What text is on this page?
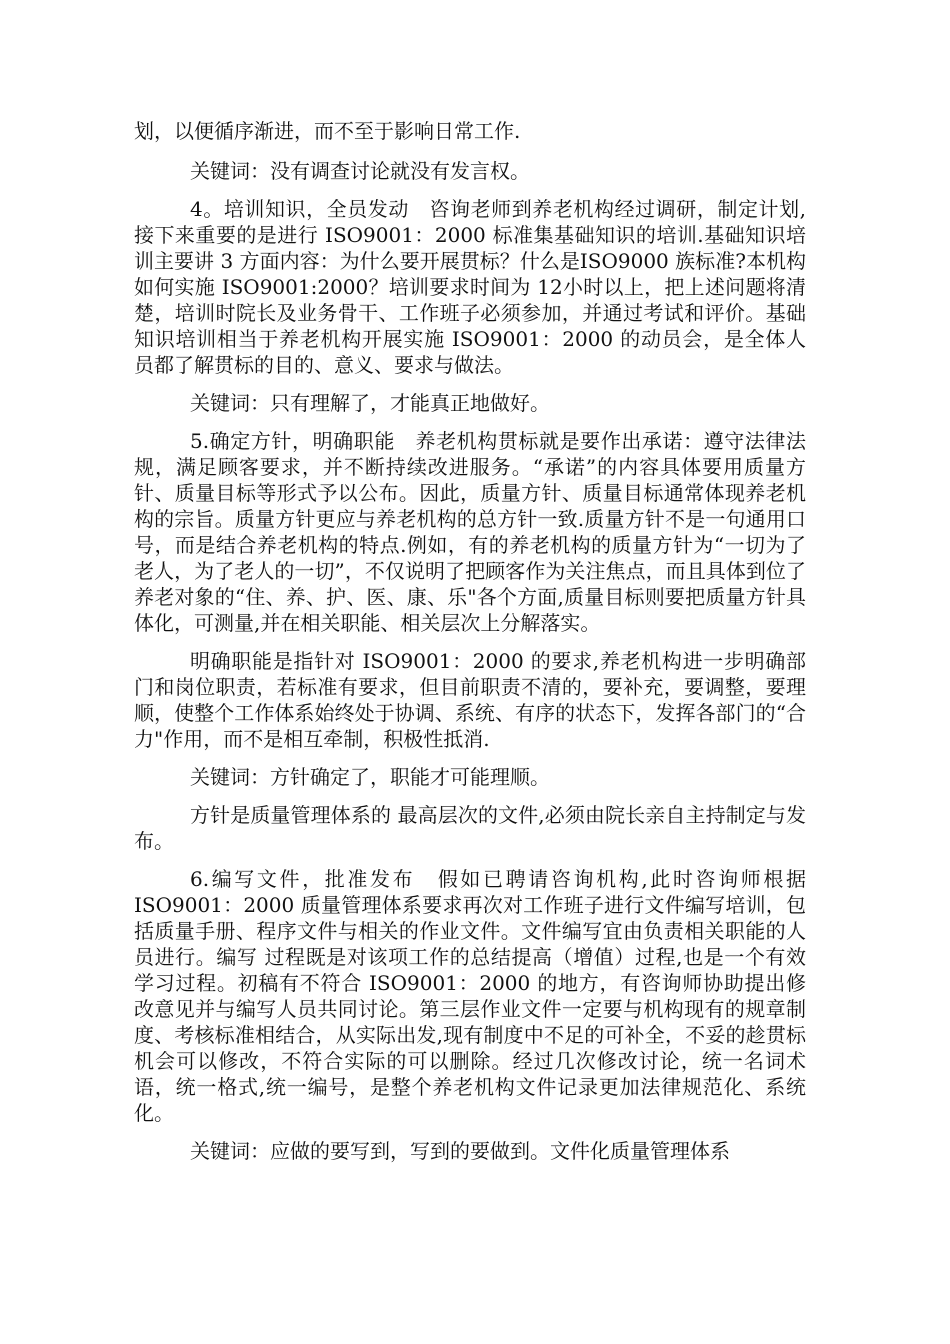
划，以便循序渐进，而不至于影响日常工作.

关键词：没有调查讨论就没有发言权。

4。培训知识，全员发动　咨询老师到养老机构经过调研，制定计划,接下来重要的是进行 ISO9001：2000 标准集基础知识的培训.基础知识培训主要讲 3 方面内容：为什么要开展贯标？什么是ISO9000 族标准?本机构如何实施 ISO9001:2000？培训要求时间为 12小时以上，把上述问题将清楚，培训时院长及业务骨干、工作班子必须参加，并通过考试和评价。基础知识培训相当于养老机构开展实施 ISO9001：2000 的动员会，是全体人员都了解贯标的目的、意义、要求与做法。

关键词：只有理解了，才能真正地做好。

5.确定方针，明确职能　养老机构贯标就是要作出承诺：遵守法律法规，满足顾客要求，并不断持续改进服务。“承诺”的内容具体要用质量方针、质量目标等形式予以公布。因此，质量方针、质量目标通常体现养老机构的宗旨。质量方针更应与养老机构的总方针一致.质量方针不是一句通用口号，而是结合养老机构的特点.例如，有的养老机构的质量方针为“一切为了老人，为了老人的一切”，不仅说明了把顾客作为关注焦点，而且具体到位了养老对象的“住、养、护、医、康、乐"各个方面,质量目标则要把质量方针具体化，可测量,并在相关职能、相关层次上分解落实。

明确职能是指针对 ISO9001：2000 的要求,养老机构进一步明确部门和岗位职责，若标准有要求，但目前职责不清的，要补充，要调整，要理顺，使整个工作体系始终处于协调、系统、有序的状态下，发挥各部门的“合力"作用，而不是相互牵制，积极性抵消.

关键词：方针确定了，职能才可能理顺。

方针是质量管理体系的 最高层次的文件,必须由院长亲自主持制定与发布。

6.编写文件，批准发布　假如已聘请咨询机构,此时咨询师根据ISO9001：2000 质量管理体系要求再次对工作班子进行文件编写培训，包括质量手册、程序文件与相关的作业文件。文件编写宜由负责相关职能的人员进行。编写 过程既是对该项工作的总结提高（增值）过程,也是一个有效学习过程。初稿有不符合 ISO9001：2000 的地方，有咨询师协助提出修改意见并与编写人员共同讨论。第三层作业文件一定要与机构现有的规章制度、考核标准相结合，从实际出发,现有制度中不足的可补全，不妥的趁贯标机会可以修改，不符合实际的可以删除。经过几次修改讨论，统一名词术语，统一格式,统一编号，是整个养老机构文件记录更加法律规范化、系统化。

关键词：应做的要写到，写到的要做到。文件化质量管理体系
